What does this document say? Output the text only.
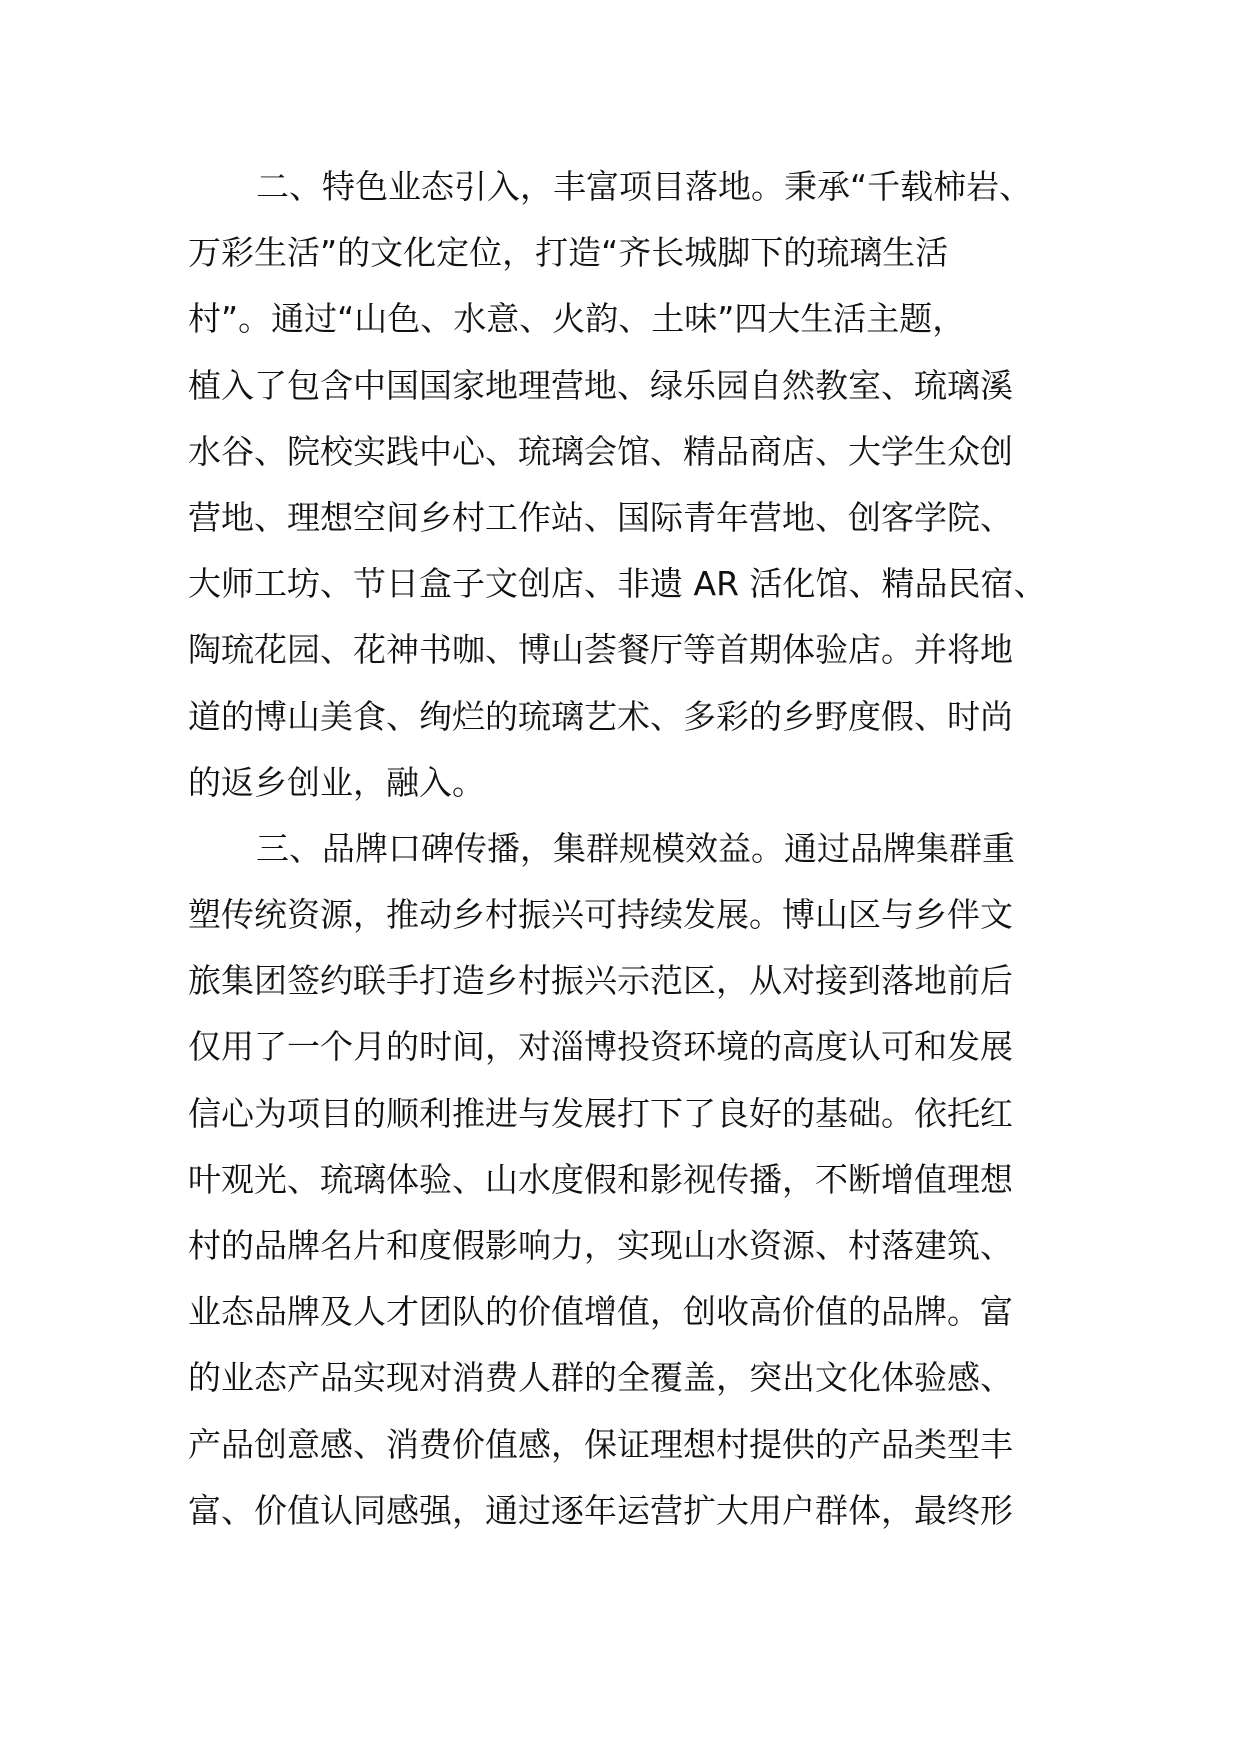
二、特色业态引入，丰富项目落地。秉承“千载柿岩、
万彩生活”的文化定位，打造“齐长城脚下的琉璃生活
村”。通过“山色、水意、火韵、土味”四大生活主题，
植入了包含中国国家地理营地、绿乐园自然教室、琉璃溪
水谷、院校实践中心、琉璃会馆、精品商店、大学生众创
营地、理想空间乡村工作站、国际青年营地、创客学院、
大师工坊、节日盒子文创店、非遗 AR 活化馆、精品民宿、
陶琉花园、花神书咖、博山荟餐厅等首期体验店。并将地
道的博山美食、绚烂的琉璃艺术、多彩的乡野度假、时尚
的返乡创业，融入。
三、品牌口碑传播，集群规模效益。通过品牌集群重
塑传统资源，推动乡村振兴可持续发展。博山区与乡伴文
旅集团签约联手打造乡村振兴示范区，从对接到落地前后
仅用了一个月的时间，对淄博投资环境的高度认可和发展
信心为项目的顺利推进与发展打下了良好的基础。依托红
叶观光、琉璃体验、山水度假和影视传播，不断增值理想
村的品牌名片和度假影响力，实现山水资源、村落建筑、
业态品牌及人才团队的价值增值，创收高价值的品牌。富
的业态产品实现对消费人群的全覆盖，突出文化体验感、
产品创意感、消费价值感，保证理想村提供的产品类型丰
富、价值认同感强，通过逐年运营扩大用户群体，最终形
